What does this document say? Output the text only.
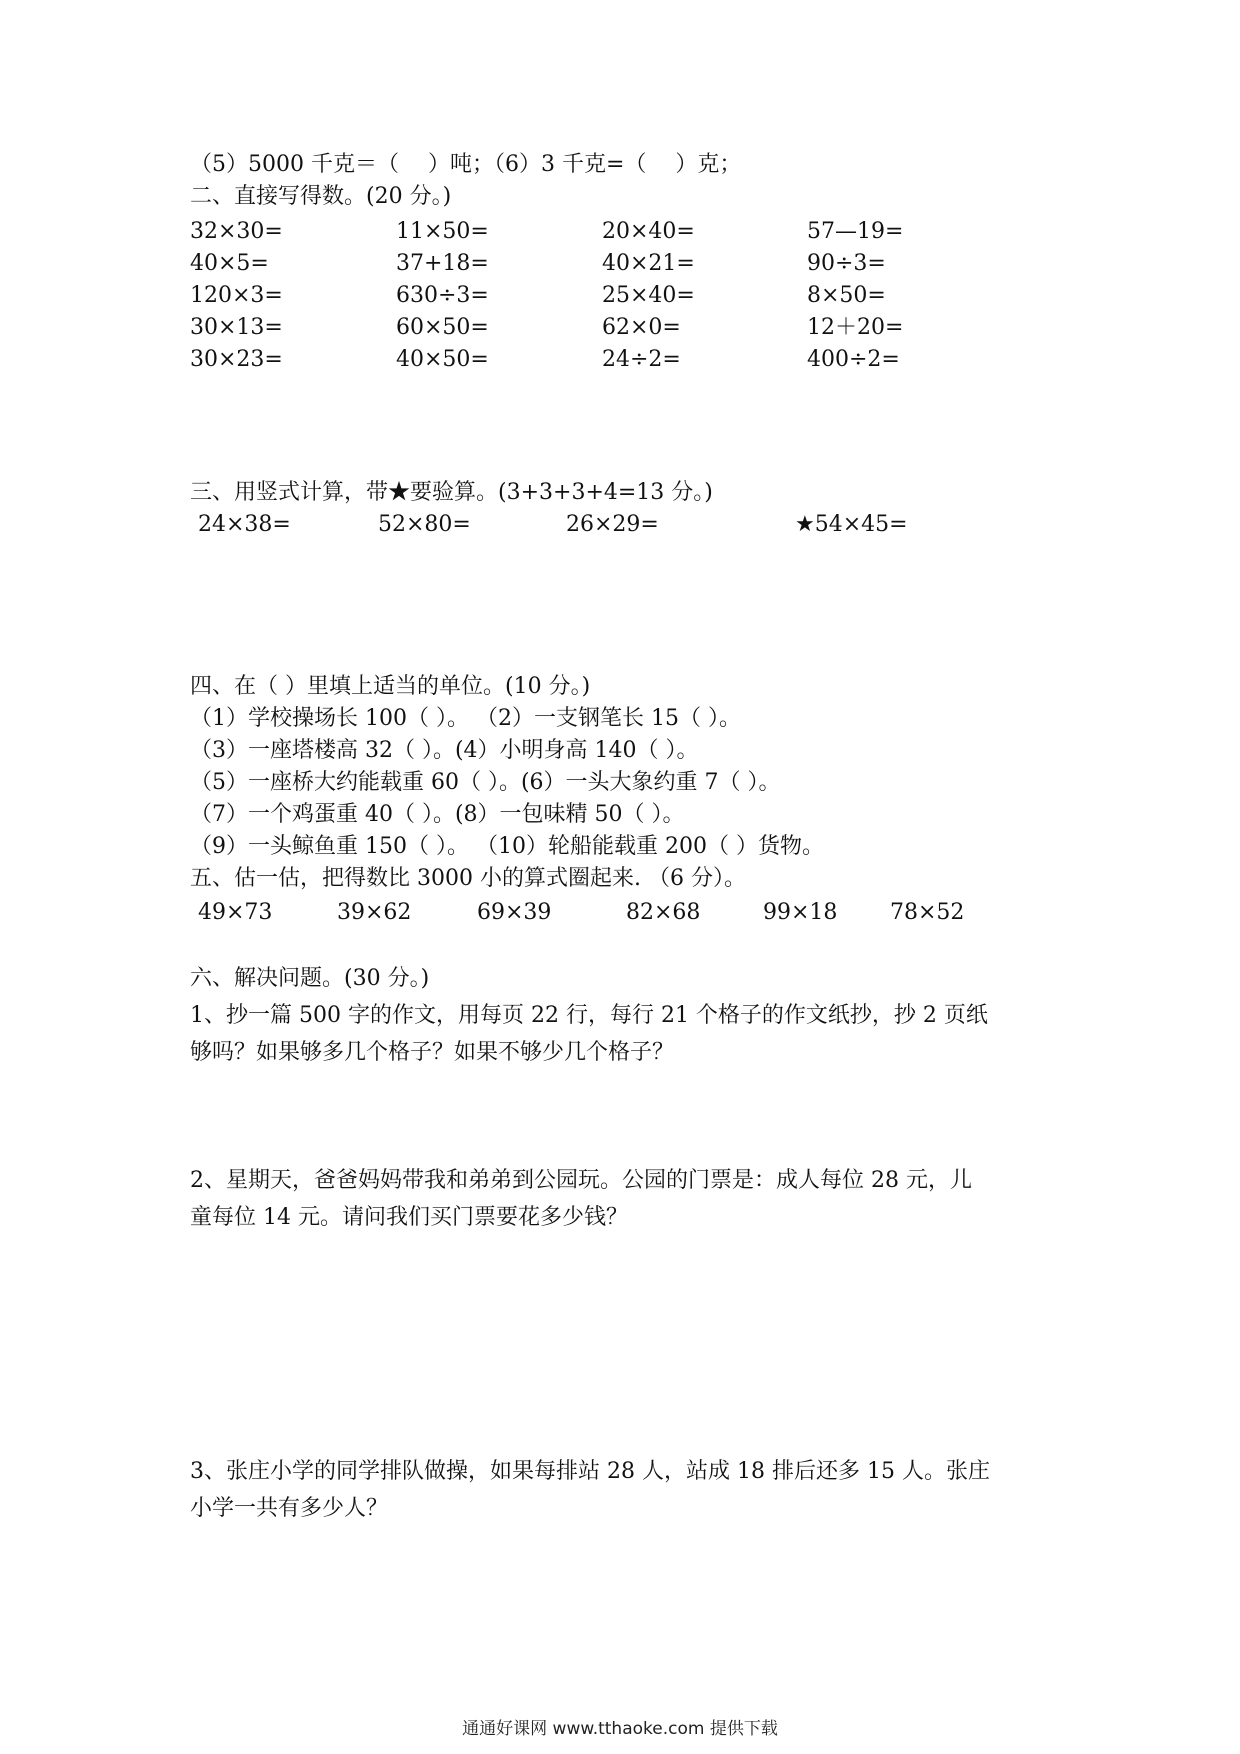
（5）5000 千克＝（　 ）吨；（6）3 千克=（　 ）克；
二、直接写得数。(20 分。)
32×30=	11×50=	20×40=	57—19=
40×5=	37+18=	40×21=	90÷3=
120×3=	630÷3=	25×40=	8×50=
30×13=	60×50=	62×0=	12＋20=
30×23=	40×50=	24÷2=	400÷2=
三、用竖式计算，带★要验算。(3+3+3+4=13 分。)
24×38=	52×80=	26×29=	★54×45=
四、在（ ）里填上适当的单位。(10 分。)
（1）学校操场长 100（ ）。 （2）一支钢笔长 15（ ）。
（3）一座塔楼高 32（ ）。(4）小明身高 140（ ）。
（5）一座桥大约能载重 60（ ）。(6）一头大象约重 7（ ）。
（7）一个鸡蛋重 40（ ）。(8）一包味精 50（ ）。
（9）一头鲸鱼重 150（ ）。 （10）轮船能载重 200（ ）货物。
五、估一估，把得数比 3000 小的算式圈起来. （6 分）。
49×73	39×62	69×39	82×68	99×18 78×52
六、解决问题。(30 分。)
1、抄一篇 500 字的作文，用每页 22 行，每行 21 个格子的作文纸抄，抄 2 页纸
够吗？如果够多几个格子？如果不够少几个格子？
2、星期天，爸爸妈妈带我和弟弟到公园玩。公园的门票是：成人每位 28 元，儿
童每位 14 元。请问我们买门票要花多少钱？
3、张庄小学的同学排队做操，如果每排站 28 人，站成 18 排后还多 15 人。张庄
小学一共有多少人？
通通好课网 www.tthaoke.com 提供下载
